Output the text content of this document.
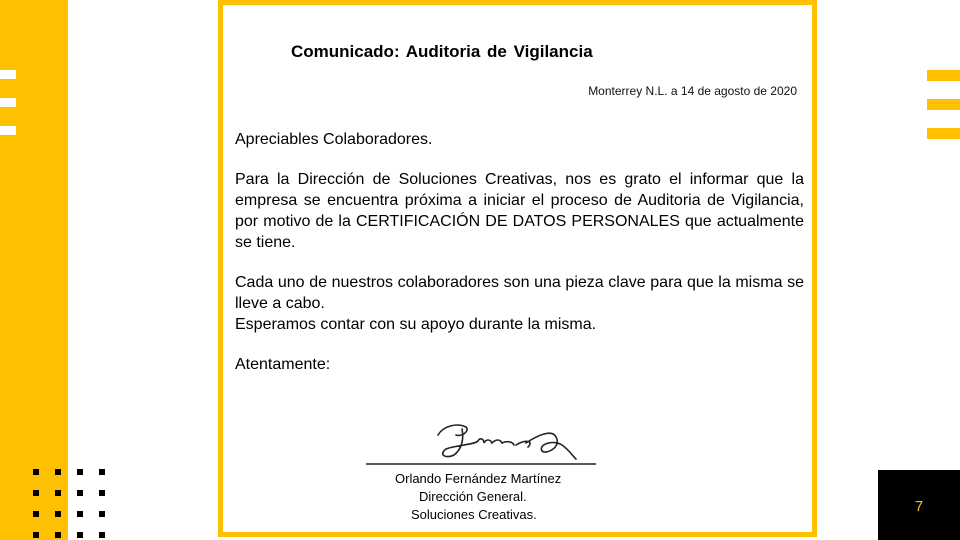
7
Comunicado: Auditoria de Vigilancia
Monterrey N.L. a 14 de agosto de 2020

Apreciables Colaboradores.

Para la Dirección de Soluciones Creativas, nos es grato el informar que la empresa se encuentra próxima a iniciar el proceso de Auditoria de Vigilancia, por motivo de la CERTIFICACIÓN DE DATOS PERSONALES que actualmente se tiene.

Cada uno de nuestros colaboradores son una pieza clave para que la misma se lleve a cabo.

Esperamos contar con su apoyo durante la misma.

Atentamente:

Orlando Fernández Martínez
Dirección General.
Soluciones Creativas.
